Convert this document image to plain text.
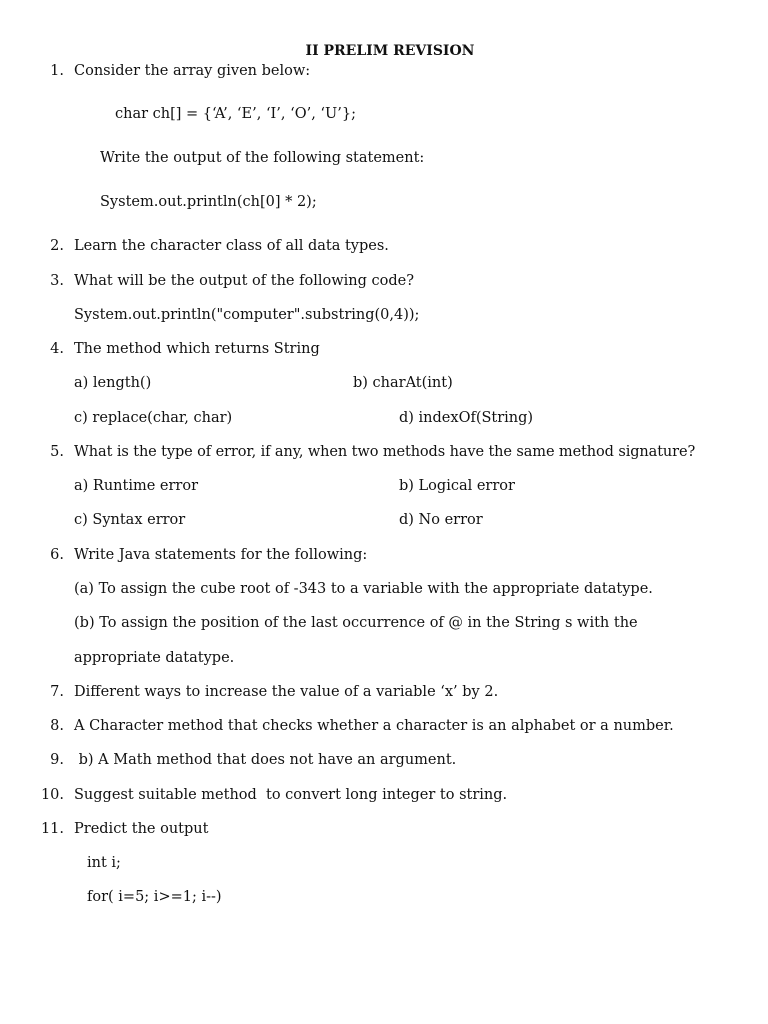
II PRELIM REVISION
1. Consider the array given below:
char ch[] = {‘A’, ‘E’, ‘I’, ‘O’, ‘U’};
Write the output of the following statement:
System.out.println(ch[0] * 2);
2. Learn the character class of all data types.
3. What will be the output of the following code?
System.out.println("computer".substring(0,4));
4. The method which returns String
a) length()	b) charAt(int)
c) replace(char, char)	d) indexOf(String)
5. What is the type of error, if any, when two methods have the same method signature?
a) Runtime error	b) Logical error
c) Syntax error	d) No error
6. Write Java statements for the following:
(a) To assign the cube root of -343 to a variable with the appropriate datatype.
(b) To assign the position of the last occurrence of @ in the String s with the
appropriate datatype.
7. Different ways to increase the value of a variable ‘x’ by 2.
8. A Character method that checks whether a character is an alphabet or a number.
9. b) A Math method that does not have an argument.
10. Suggest suitable method  to convert long integer to string.
11. Predict the output
int i;
for( i=5; i>=1; i--)
